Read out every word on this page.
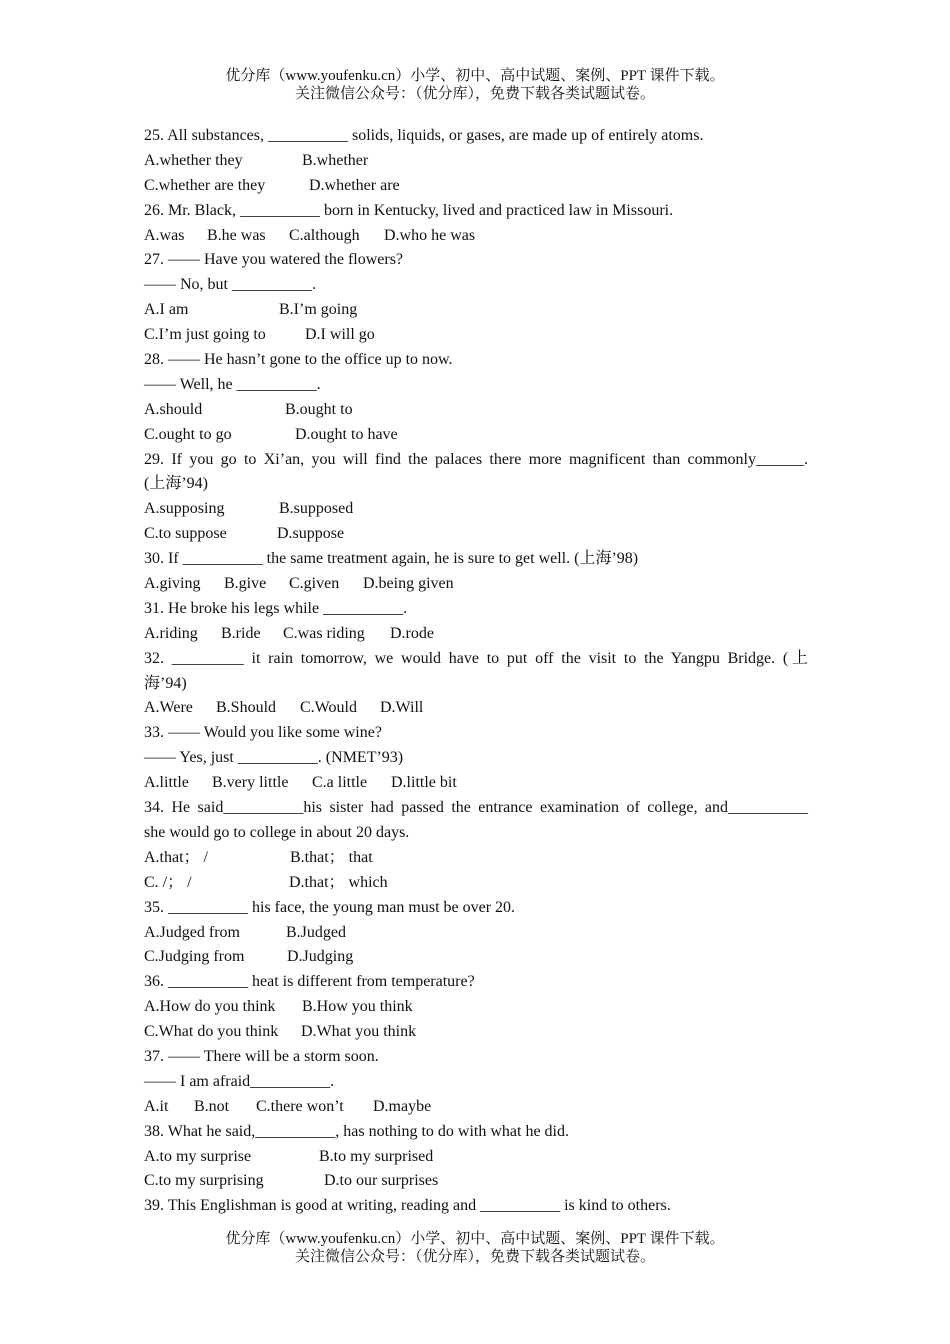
优分库（www.youfenku.cn）小学、初中、高中试题、案例、PPT 课件下载。
关注微信公众号：（优分库），免费下载各类试题试卷。
25. All substances, __________ solids, liquids, or gases, are made up of entirely atoms.
A.whether they	B.whether
C.whether are they	D.whether are
26. Mr. Black, __________ born in Kentucky, lived and practiced law in Missouri.
A.was B.he was C.although D.who he was
27. —— Have you watered the flowers?
—— No, but __________.
A.I am	B.I’m going
C.I’m just going to D.I will go
28. —— He hasn’t gone to the office up to now.
—— Well, he __________.
A.should	B.ought to
C.ought to go	D.ought to have
29. If you go to Xi’an, you will find the palaces there more magnificent than commonly______.
(上海’94)
A.supposing	B.supposed
C.to suppose	D.suppose
30. If __________ the same treatment again, he is sure to get well. (上海’98)
A.giving B.give C.given D.being given
31. He broke his legs while __________.
A.riding B.ride C.was riding D.rode
32. _________ it rain tomorrow, we would have to put off the visit to the Yangpu Bridge. (上
海’94)
A.Were B.Should C.Would D.Will
33. —— Would you like some wine?
—— Yes, just __________. (NMET’93)
A.little B.very little C.a little D.little bit
34. He said__________his sister had passed the entrance examination of college, and__________
she would go to college in about 20 days.
A.that； /	B.that； that
C. /； /	D.that； which
35. __________ his face, the young man must be over 20.
A.Judged from	B.Judged
C.Judging from	D.Judging
36. __________ heat is different from temperature?
A.How do you think B.How you think
C.What do you think D.What you think
37. —— There will be a storm soon.
—— I am afraid__________.
A.it B.not C.there won’t D.maybe
38. What he said,__________, has nothing to do with what he did.
A.to my surprise	B.to my surprised
C.to my surprising	D.to our surprises
39. This Englishman is good at writing, reading and __________ is kind to others.
优分库（www.youfenku.cn）小学、初中、高中试题、案例、PPT 课件下载。
关注微信公众号：（优分库），免费下载各类试题试卷。
